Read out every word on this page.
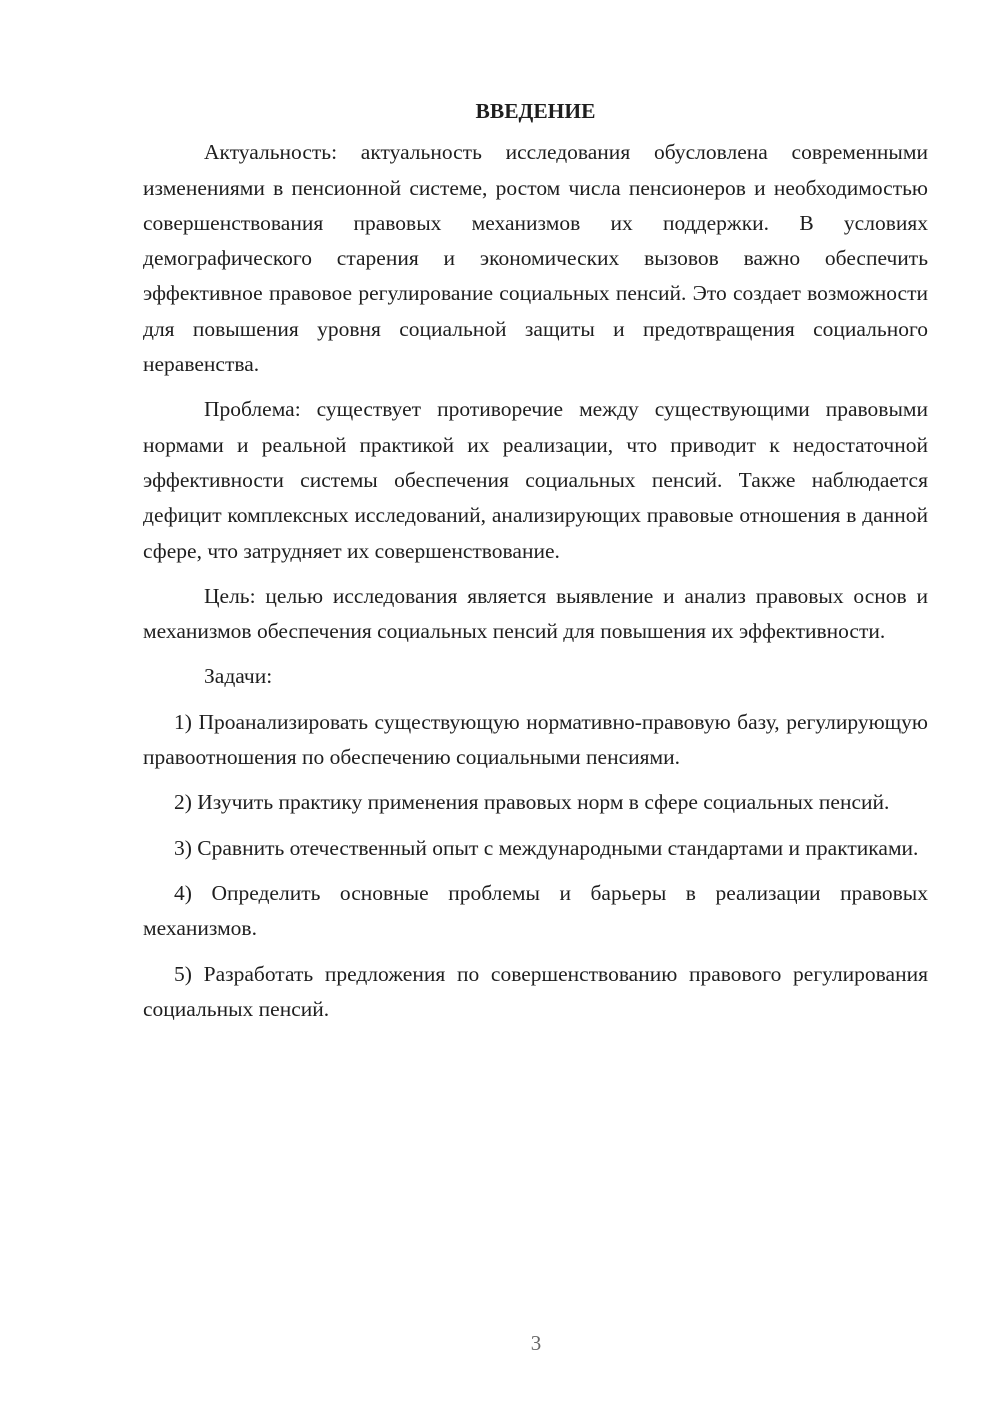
ВВЕДЕНИЕ

Актуальность: актуальность исследования обусловлена современными изменениями в пенсионной системе, ростом числа пенсионеров и необходимостью совершенствования правовых механизмов их поддержки. В условиях демографического старения и экономических вызовов важно обеспечить эффективное правовое регулирование социальных пенсий. Это создает возможности для повышения уровня социальной защиты и предотвращения социального неравенства.

Проблема: существует противоречие между существующими правовыми нормами и реальной практикой их реализации, что приводит к недостаточной эффективности системы обеспечения социальных пенсий. Также наблюдается дефицит комплексных исследований, анализирующих правовые отношения в данной сфере, что затрудняет их совершенствование.

Цель: целью исследования является выявление и анализ правовых основ и механизмов обеспечения социальных пенсий для повышения их эффективности.

Задачи:

1) Проанализировать существующую нормативно-правовую базу, регулирующую правоотношения по обеспечению социальными пенсиями.

2) Изучить практику применения правовых норм в сфере социальных пенсий.

3) Сравнить отечественный опыт с международными стандартами и практиками.

4) Определить основные проблемы и барьеры в реализации правовых механизмов.

5) Разработать предложения по совершенствованию правового регулирования социальных пенсий.

3
